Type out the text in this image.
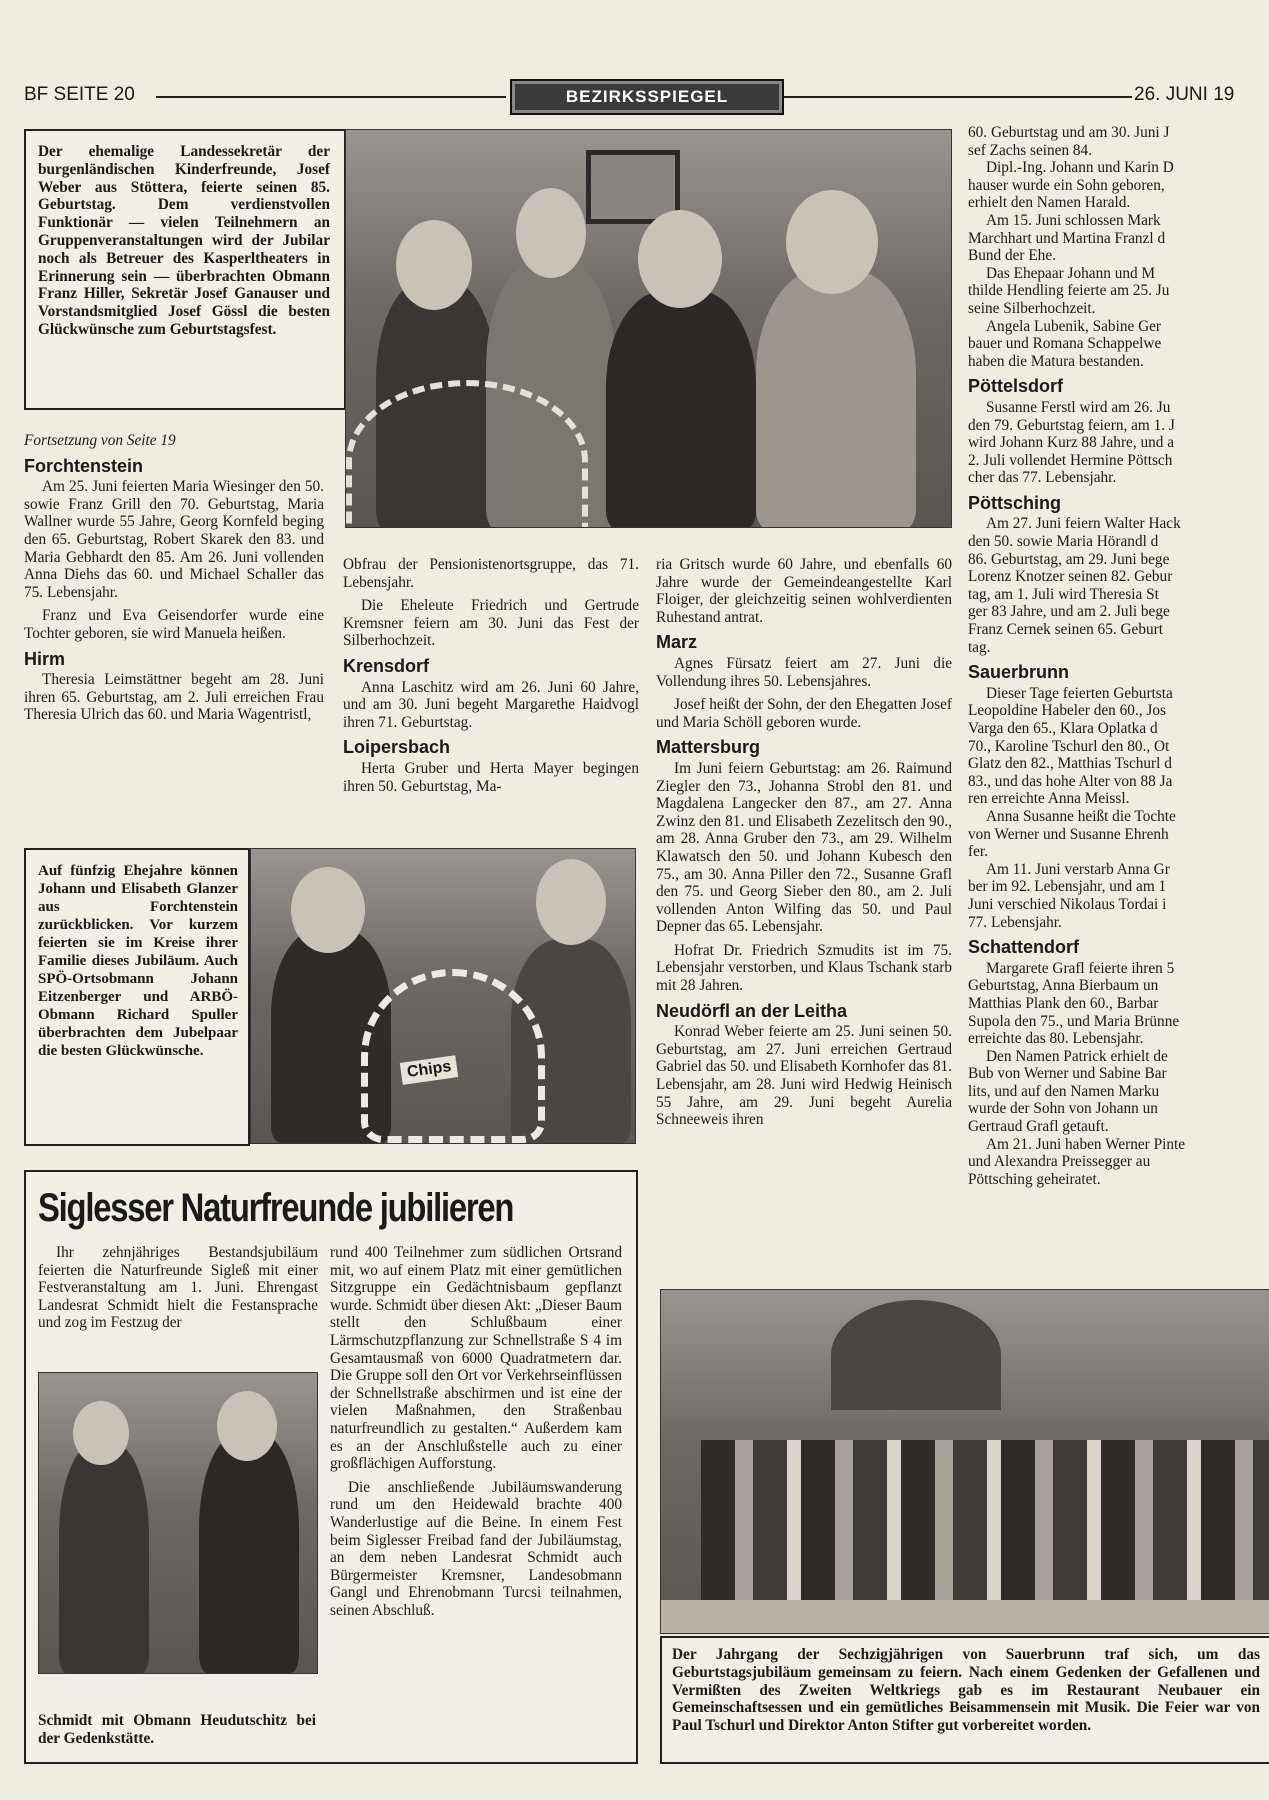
BF SEITE 20	BEZIRKSSPIEGEL	26. JUNI 19
Der ehemalige Landessekretär der burgenländischen Kinderfreunde, Josef Weber aus Stöttera, feierte seinen 85. Geburtstag. Dem verdienstvollen Funktionär — vielen Teilnehmern an Gruppenveranstaltungen wird der Jubilar noch als Betreuer des Kasperltheaters in Erinnerung sein — überbrachten Obmann Franz Hiller, Sekretär Josef Ganauser und Vorstandsmitglied Josef Gössl die besten Glückwünsche zum Geburtstagsfest.
Fortsetzung von Seite 19
Forchtenstein

Am 25. Juni feierten Maria Wiesinger den 50. sowie Franz Grill den 70. Geburtstag, Maria Wallner wurde 55 Jahre, Georg Kornfeld beging den 65. Geburtstag, Robert Skarek den 83. und Maria Gebhardt den 85. Am 26. Juni vollenden Anna Diehs das 60. und Michael Schaller das 75. Lebensjahr.

Franz und Eva Geisendorfer wurde eine Tochter geboren, sie wird Manuela heißen.

Hirm

Theresia Leimstättner begeht am 28. Juni ihren 65. Geburtstag, am 2. Juli erreichen Frau Theresia Ulrich das 60. und Maria Wagentristl,

Obfrau der Pensionistenortsgruppe, das 71. Lebensjahr.

Die Eheleute Friedrich und Gertrude Kremsner feiern am 30. Juni das Fest der Silberhochzeit.

Krensdorf

Anna Laschitz wird am 26. Juni 60 Jahre, und am 30. Juni begeht Margarethe Haidvogl ihren 71. Geburtstag.

Loipersbach

Herta Gruber und Herta Mayer begingen ihren 50. Geburtstag, Ma-

ria Gritsch wurde 60 Jahre, und ebenfalls 60 Jahre wurde der Gemeindeangestellte Karl Floiger, der gleichzeitig seinen wohlverdienten Ruhestand antrat.

Marz

Agnes Fürsatz feiert am 27. Juni die Vollendung ihres 50. Lebensjahres.

Josef heißt der Sohn, der den Ehegatten Josef und Maria Schöll geboren wurde.

Mattersburg

Im Juni feiern Geburtstag: am 26. Raimund Ziegler den 73., Johanna Strobl den 81. und Magdalena Langecker den 87., am 27. Anna Zwinz den 81. und Elisabeth Zezelitsch den 90., am 28. Anna Gruber den 73., am 29. Wilhelm Klawatsch den 50. und Johann Kubesch den 75., am 30. Anna Piller den 72., Susanne Grafl den 75. und Georg Sieber den 80., am 2. Juli vollenden Anton Wilfing das 50. und Paul Depner das 65. Lebensjahr.

Hofrat Dr. Friedrich Szmudits ist im 75. Lebensjahr verstorben, und Klaus Tschank starb mit 28 Jahren.

Neudörfl an der Leitha

Konrad Weber feierte am 25. Juni seinen 50. Geburtstag, am 27. Juni erreichen Gertraud Gabriel das 50. und Elisabeth Kornhofer das 81. Lebensjahr, am 28. Juni wird Hedwig Heinisch 55 Jahre, am 29. Juni begeht Aurelia Schneeweis ihren

60. Geburtstag und am 30. Juni J
sef Zachs seinen 84.
Dipl.-Ing. Johann und Karin D
hauser wurde ein Sohn geboren,
erhielt den Namen Harald.
Am 15. Juni schlossen Mark
Marchhart und Martina Franzl d
Bund der Ehe.
Das Ehepaar Johann und M
thilde Hendling feierte am 25. Ju
seine Silberhochzeit.
Angela Lubenik, Sabine Ger
bauer und Romana Schappelwe
haben die Matura bestanden.
Pöttelsdorf
Susanne Ferstl wird am 26. Ju
den 79. Geburtstag feiern, am 1. J
wird Johann Kurz 88 Jahre, und a
2. Juli vollendet Hermine Pöttsch
cher das 77. Lebensjahr.
Pöttsching
Am 27. Juni feiern Walter Hack
den 50. sowie Maria Hörandl d
86. Geburtstag, am 29. Juni bege
Lorenz Knotzer seinen 82. Gebur
tag, am 1. Juli wird Theresia St
ger 83 Jahre, und am 2. Juli bege
Franz Cernek seinen 65. Geburt
tag.
Sauerbrunn
Dieser Tage feierten Geburtsta
Leopoldine Habeler den 60., Jos
Varga den 65., Klara Oplatka d
70., Karoline Tschurl den 80., Ot
Glatz den 82., Matthias Tschurl d
83., und das hohe Alter von 88 Ja
ren erreichte Anna Meissl.
Anna Susanne heißt die Tochte
von Werner und Susanne Ehrenh
fer.
Am 11. Juni verstarb Anna Gr
ber im 92. Lebensjahr, und am 1
Juni verschied Nikolaus Tordai i
77. Lebensjahr.
Schattendorf
Margarete Grafl feierte ihren 5
Geburtstag, Anna Bierbaum un
Matthias Plank den 60., Barbar
Supola den 75., und Maria Brünne
erreichte das 80. Lebensjahr.
Den Namen Patrick erhielt de
Bub von Werner und Sabine Bar
lits, und auf den Namen Marku
wurde der Sohn von Johann un
Gertraud Grafl getauft.
Am 21. Juni haben Werner Pinte
und Alexandra Preissegger au
Pöttsching geheiratet.
Auf fünfzig Ehejahre können Johann und Elisabeth Glanzer aus Forchtenstein zurückblicken. Vor kurzem feierten sie im Kreise ihrer Familie dieses Jubiläum. Auch SPÖ-Ortsobmann Johann Eitzenberger und ARBÖ-Obmann Richard Spuller überbrachten dem Jubelpaar die besten Glückwünsche.
Chips
Siglesser Naturfreunde jubilieren

Ihr zehnjähriges Bestandsjubiläum feierten die Naturfreunde Sigleß mit einer Festveranstaltung am 1. Juni. Ehrengast Landesrat Schmidt hielt die Festansprache und zog im Festzug der

Schmidt mit Obmann Heudutschitz bei der Gedenkstätte.

rund 400 Teilnehmer zum südlichen Ortsrand mit, wo auf einem Platz mit einer gemütlichen Sitzgruppe ein Gedächtnisbaum gepflanzt wurde. Schmidt über diesen Akt: „Dieser Baum stellt den Schlußbaum einer Lärmschutzpflanzung zur Schnellstraße S 4 im Gesamtausmaß von 6000 Quadratmetern dar. Die Gruppe soll den Ort vor Verkehrseinflüssen der Schnellstraße abschirmen und ist eine der vielen Maßnahmen, den Straßenbau naturfreundlich zu gestalten.“ Außerdem kam es an der Anschlußstelle auch zu einer großflächigen Aufforstung.

Die anschließende Jubiläumswanderung rund um den Heidewald brachte 400 Wanderlustige auf die Beine. In einem Fest beim Siglesser Freibad fand der Jubiläumstag, an dem neben Landesrat Schmidt auch Bürgermeister Kremsner, Landesobmann Gangl und Ehrenobmann Turcsi teilnahmen, seinen Abschluß.

Der Jahrgang der Sechzigjährigen von Sauerbrunn traf sich, um das Geburtstagsjubiläum gemeinsam zu feiern. Nach einem Gedenken der Gefallenen und Vermißten des Zweiten Weltkriegs gab es im Restaurant Neubauer ein Gemeinschaftsessen und ein gemütliches Beisammensein mit Musik. Die Feier war von Paul Tschurl und Direktor Anton Stifter gut vorbereitet worden.
